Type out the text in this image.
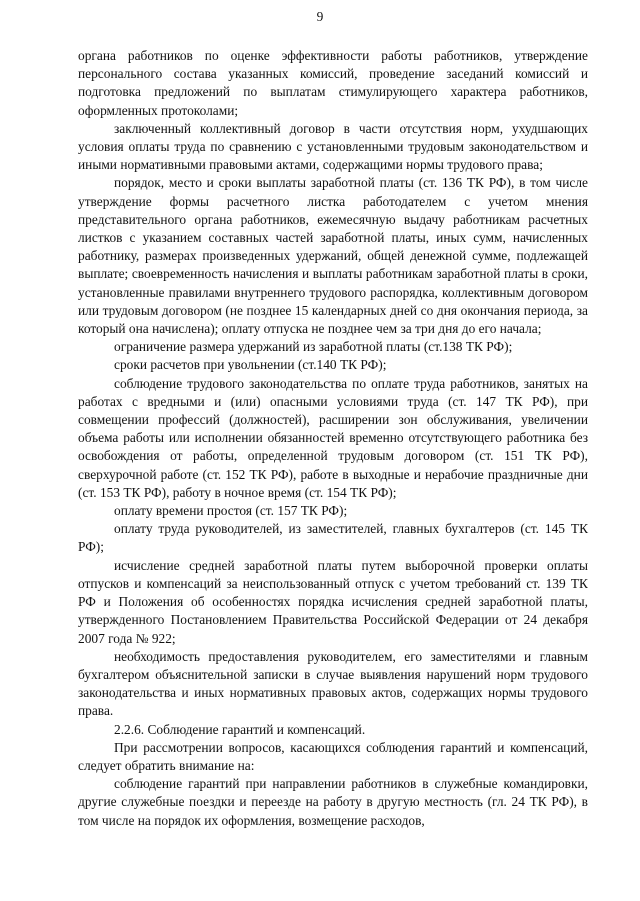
9

органа работников по оценке эффективности работы работников, утверждение персонального состава указанных комиссий, проведение заседаний комиссий и подготовка предложений по выплатам стимулирующего характера работников, оформленных протоколами;

заключенный коллективный договор в части отсутствия норм, ухудшающих условия оплаты труда по сравнению с установленными трудовым законодательством и иными нормативными правовыми актами, содержащими нормы трудового права;

порядок, место и сроки выплаты заработной платы (ст. 136 ТК РФ), в том числе утверждение формы расчетного листка работодателем с учетом мнения представительного органа работников, ежемесячную выдачу работникам расчетных листков с указанием составных частей заработной платы, иных сумм, начисленных работнику, размерах произведенных удержаний, общей денежной сумме, подлежащей выплате; своевременность начисления и выплаты работникам заработной платы в сроки, установленные правилами внутреннего трудового распорядка, коллективным договором или трудовым договором (не позднее 15 календарных дней со дня окончания периода, за который она начислена); оплату отпуска не позднее чем за три дня до его начала;

ограничение размера удержаний из заработной платы (ст.138 ТК РФ);

сроки расчетов при увольнении (ст.140 ТК РФ);

соблюдение трудового законодательства по оплате труда работников, занятых на работах с вредными и (или) опасными условиями труда (ст. 147 ТК РФ), при совмещении профессий (должностей), расширении зон обслуживания, увеличении объема работы или исполнении обязанностей временно отсутствующего работника без освобождения от работы, определенной трудовым договором (ст. 151 ТК РФ), сверхурочной работе (ст. 152 ТК РФ), работе в выходные и нерабочие праздничные дни (ст. 153 ТК РФ), работу в ночное время (ст. 154 ТК РФ);

оплату времени простоя (ст. 157 ТК РФ);

оплату труда руководителей, из заместителей, главных бухгалтеров (ст. 145 ТК РФ);

исчисление средней заработной платы путем выборочной проверки оплаты отпусков и компенсаций за неиспользованный отпуск с учетом требований ст. 139 ТК РФ и Положения об особенностях порядка исчисления средней заработной платы, утвержденного Постановлением Правительства Российской Федерации от 24 декабря 2007 года № 922;

необходимость предоставления руководителем, его заместителями и главным бухгалтером объяснительной записки в случае выявления нарушений норм трудового законодательства и иных нормативных правовых актов, содержащих нормы трудового права.

2.2.6. Соблюдение гарантий и компенсаций.

При рассмотрении вопросов, касающихся соблюдения гарантий и компенсаций, следует обратить внимание на:

соблюдение гарантий при направлении работников в служебные командировки, другие служебные поездки и переезде на работу в другую местность (гл. 24 ТК РФ), в том числе на порядок их оформления, возмещение расходов,
